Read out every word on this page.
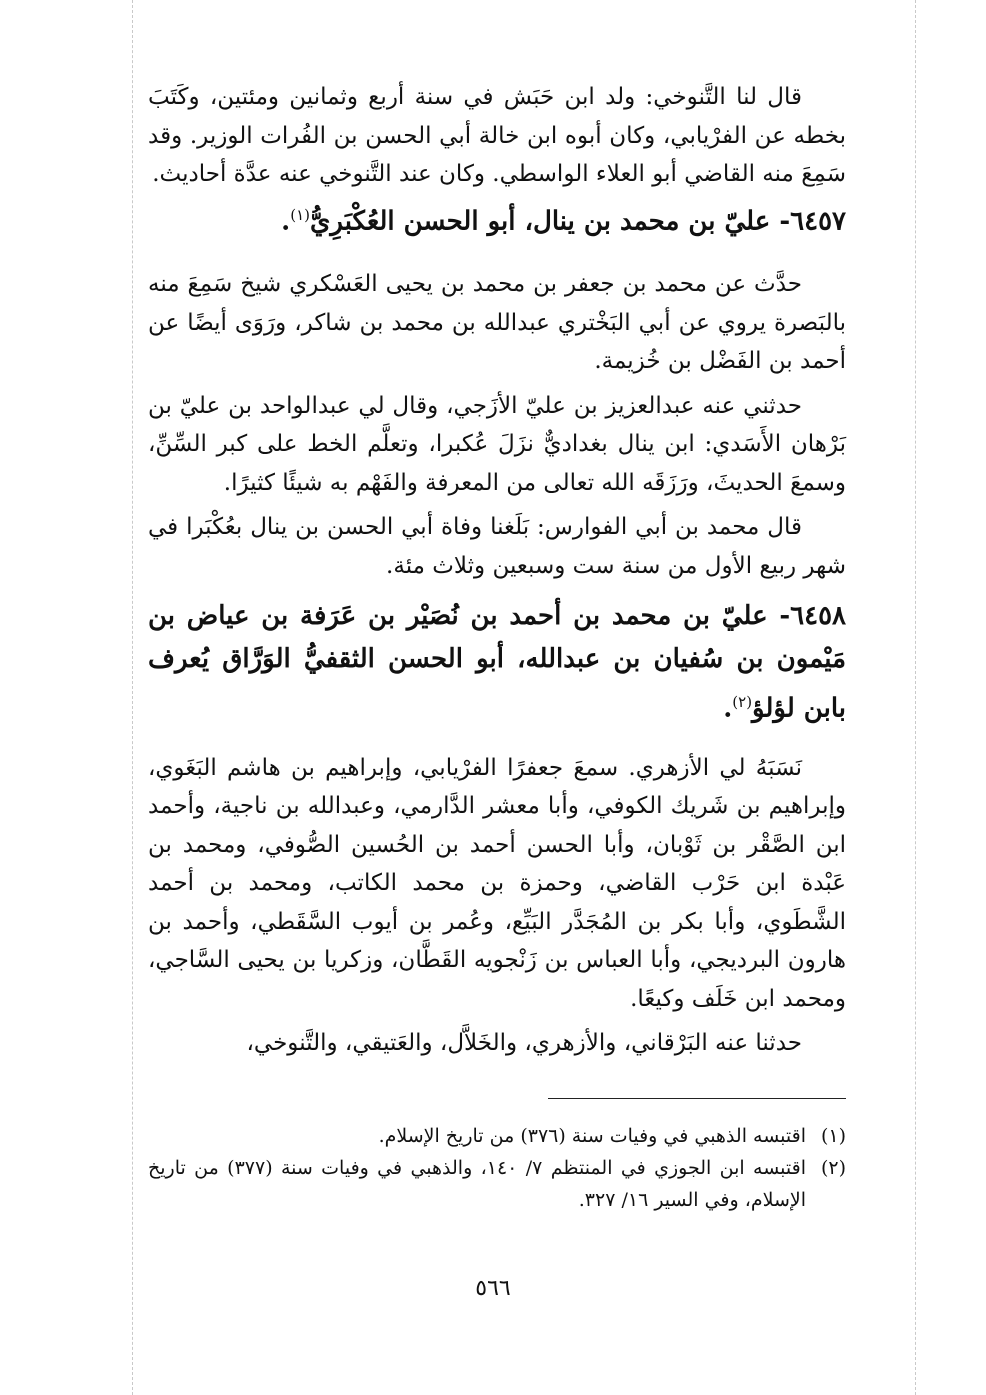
قال لنا التَّنوخي: ولد ابن حَبَش في سنة أربع وثمانين ومئتين، وكَتَبَ بخطه عن الفرْيابي، وكان أبوه ابن خالة أبي الحسن بن الفُرات الوزير. وقد سَمِعَ منه القاضي أبو العلاء الواسطي. وكان عند التَّنوخي عنه عدَّة أحاديث.

٦٤٥٧- عليّ بن محمد بن ينال، أبو الحسن العُكْبَرِيُّ$^{(١)}$.

حدَّث عن محمد بن جعفر بن محمد بن يحيى العَسْكري شيخ سَمِعَ منه بالبَصرة يروي عن أبي البَخْتري عبدالله بن محمد بن شاكر، ورَوَى أيضًا عن أحمد بن الفَضْل بن خُزيمة.

حدثني عنه عبدالعزيز بن عليّ الأزَجي، وقال لي عبدالواحد بن عليّ بن بَرْهان الأَسَدي: ابن ينال بغداديٌّ نزَلَ عُكبرا، وتعلَّم الخط على كبر السِّنِّ، وسمعَ الحديثَ، ورَزَقَه الله تعالى من المعرفة والفَهْم به شيئًا كثيرًا.

قال محمد بن أبي الفوارس: بَلَغنا وفاة أبي الحسن بن ينال بعُكْبَرا في شهر ربيع الأول من سنة ست وسبعين وثلاث مئة.

٦٤٥٨- عليّ بن محمد بن أحمد بن نُصَيْر بن عَرَفة بن عياض بن مَيْمون بن سُفيان بن عبدالله، أبو الحسن الثقفيُّ الوَرَّاق يُعرف بابن لؤلؤ$^{(٢)}$.

نَسَبَهُ لي الأزهري. سمعَ جعفرًا الفرْيابي، وإبراهيم بن هاشم البَغَوي، وإبراهيم بن شَريك الكوفي، وأبا معشر الدَّارمي، وعبدالله بن ناجية، وأحمد ابن الصَّقْر بن ثَوْبان، وأبا الحسن أحمد بن الحُسين الصُّوفي، ومحمد بن عَبْدة ابن حَرْب القاضي، وحمزة بن محمد الكاتب، ومحمد بن أحمد الشَّطَوي، وأبا بكر بن المُجَدَّر البَيِّع، وعُمر بن أيوب السَّقَطي، وأحمد بن هارون البرديجي، وأبا العباس بن زَنْجويه القَطَّان، وزكريا بن يحيى السَّاجي، ومحمد ابن خَلَف وكيعًا.

حدثنا عنه البَرْقاني، والأزهري، والخَلاَّل، والعَتيقي، والتَّنوخي،

(١)
اقتبسه الذهبي في وفيات سنة (٣٧٦) من تاريخ الإسلام.
(٢)
اقتبسه ابن الجوزي في المنتظم ٧/ ١٤٠، والذهبي في وفيات سنة (٣٧٧) من تاريخ الإسلام، وفي السير ١٦/ ٣٢٧.
٥٦٦
